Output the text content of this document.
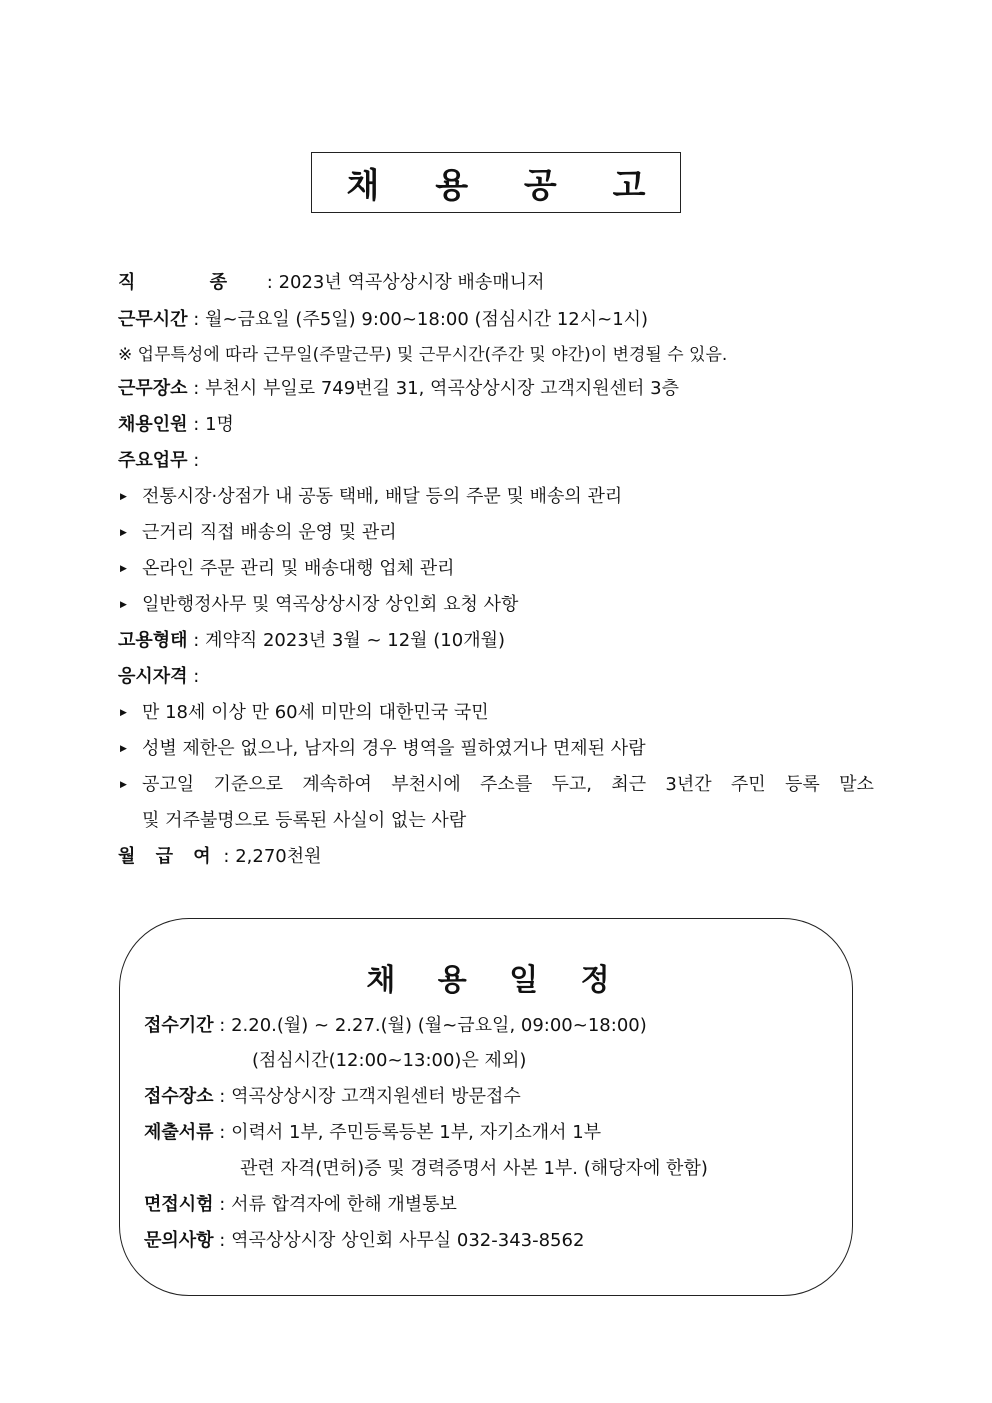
채 용 공 고
직 종 : 2023년 역곡상상시장 배송매니저
근무시간 : 월~금요일 (주5일) 9:00~18:00 (점심시간 12시~1시)
※ 업무특성에 따라 근무일(주말근무) 및 근무시간(주간 및 야간)이 변경될 수 있음.
근무장소 : 부천시 부일로 749번길 31, 역곡상상시장 고객지원센터 3층
채용인원 : 1명
주요업무 :
▶ 전통시장·상점가 내 공동 택배, 배달 등의 주문 및 배송의 관리
▶ 근거리 직접 배송의 운영 및 관리
▶ 온라인 주문 관리 및 배송대행 업체 관리
▶ 일반행정사무 및 역곡상상시장 상인회 요청 사항
고용형태 : 계약직 2023년 3월 ~ 12월 (10개월)
응시자격 :
▶ 만 18세 이상 만 60세 미만의 대한민국 국민
▶ 성별 제한은 없으나, 남자의 경우 병역을 필하였거나 면제된 사람
▶ 공고일 기준으로 계속하여 부천시에 주소를 두고, 최근 3년간 주민 등록 말소
및 거주불명으로 등록된 사실이 없는 사람
월 급 여 : 2,270천원
채 용 일 정
접수기간 : 2.20.(월) ~ 2.27.(월) (월~금요일, 09:00~18:00)
(점심시간(12:00~13:00)은 제외)
접수장소 : 역곡상상시장 고객지원센터 방문접수
제출서류 : 이력서 1부, 주민등록등본 1부, 자기소개서 1부
관련 자격(면허)증 및 경력증명서 사본 1부. (해당자에 한함)
면접시험 : 서류 합격자에 한해 개별통보
문의사항 : 역곡상상시장 상인회 사무실 032-343-8562
